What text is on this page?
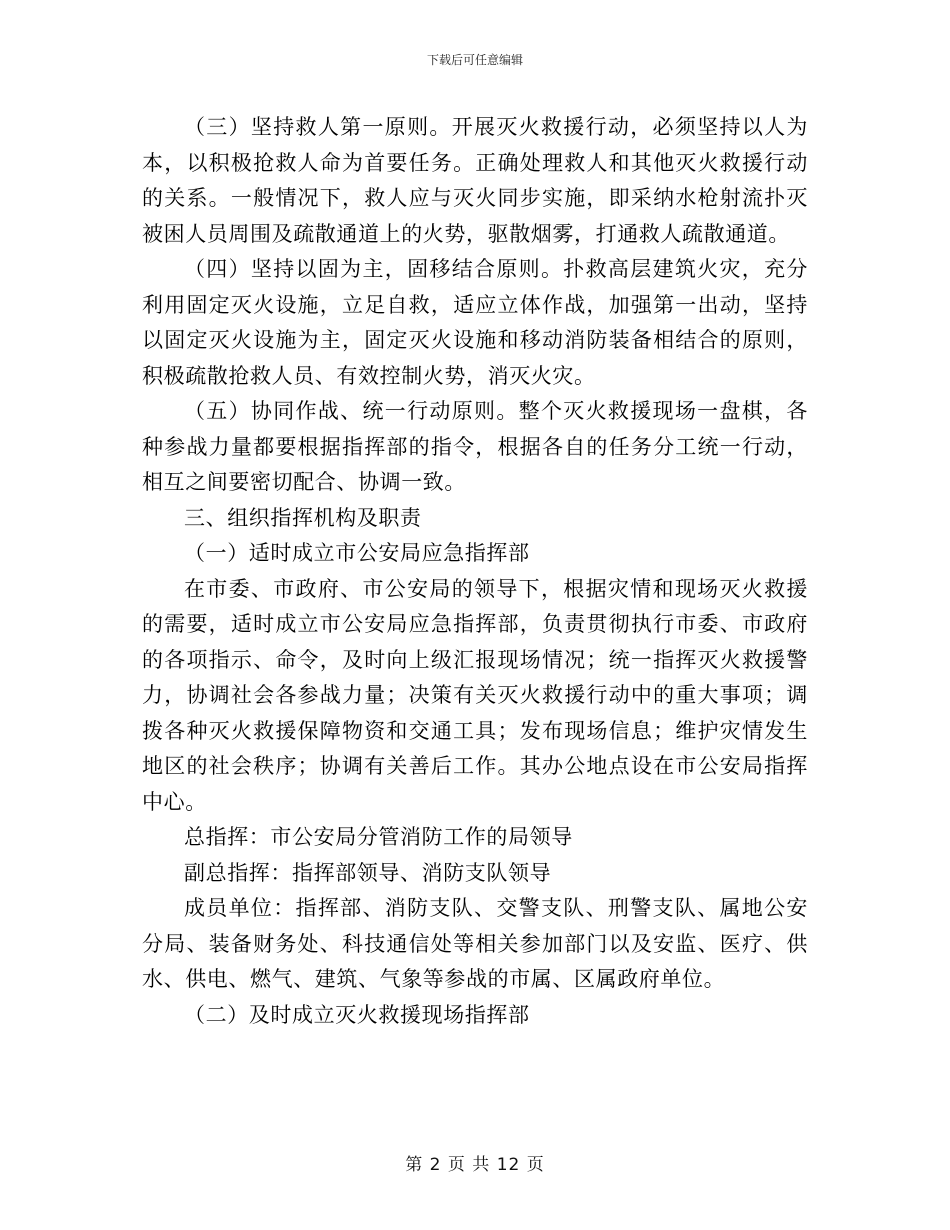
下载后可任意编辑

（三）坚持救人第一原则。开展灭火救援行动，必须坚持以人为本，以积极抢救人命为首要任务。正确处理救人和其他灭火救援行动的关系。一般情况下，救人应与灭火同步实施，即采纳水枪射流扑灭被困人员周围及疏散通道上的火势，驱散烟雾，打通救人疏散通道。

（四）坚持以固为主，固移结合原则。扑救高层建筑火灾，充分利用固定灭火设施，立足自救，适应立体作战，加强第一出动，坚持以固定灭火设施为主，固定灭火设施和移动消防装备相结合的原则，积极疏散抢救人员、有效控制火势，消灭火灾。

（五）协同作战、统一行动原则。整个灭火救援现场一盘棋，各种参战力量都要根据指挥部的指令，根据各自的任务分工统一行动，相互之间要密切配合、协调一致。

三、组织指挥机构及职责

（一）适时成立市公安局应急指挥部

在市委、市政府、市公安局的领导下，根据灾情和现场灭火救援的需要，适时成立市公安局应急指挥部，负责贯彻执行市委、市政府的各项指示、命令，及时向上级汇报现场情况；统一指挥灭火救援警力，协调社会各参战力量；决策有关灭火救援行动中的重大事项；调拨各种灭火救援保障物资和交通工具；发布现场信息；维护灾情发生地区的社会秩序；协调有关善后工作。其办公地点设在市公安局指挥中心。

总指挥：市公安局分管消防工作的局领导

副总指挥：指挥部领导、消防支队领导

成员单位：指挥部、消防支队、交警支队、刑警支队、属地公安分局、装备财务处、科技通信处等相关参加部门以及安监、医疗、供水、供电、燃气、建筑、气象等参战的市属、区属政府单位。

（二）及时成立灭火救援现场指挥部

第 2 页 共 12 页
